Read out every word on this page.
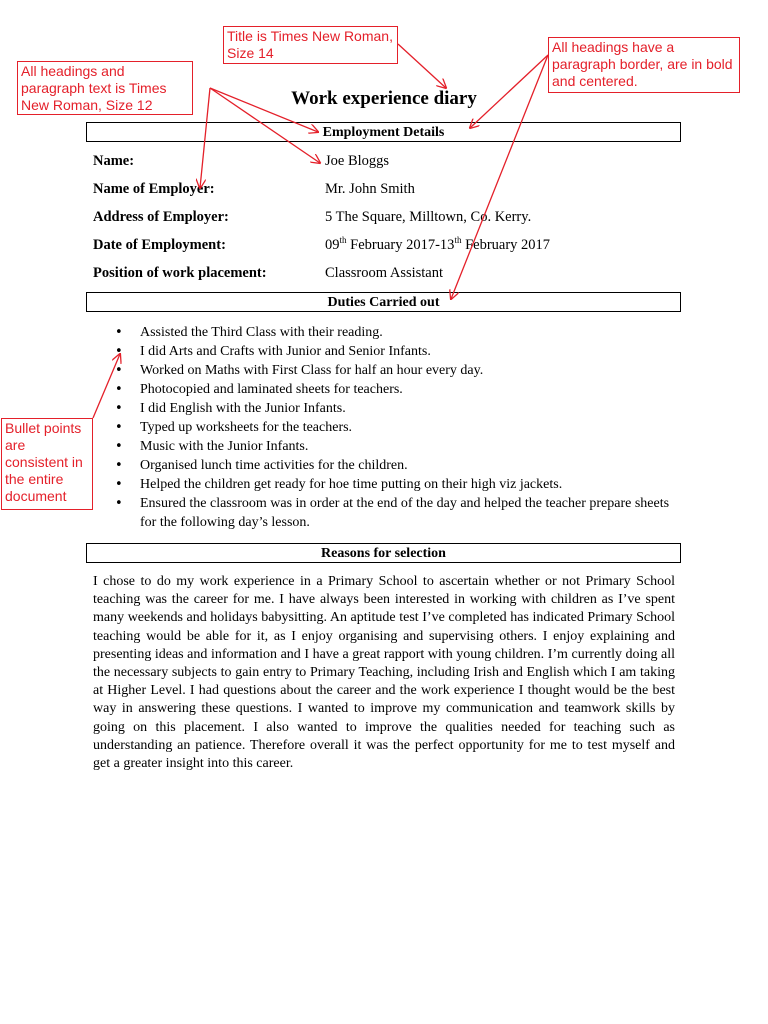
Work experience diary
Employment Details
Name:	Joe Bloggs
Name of Employer:	Mr. John Smith
Address of Employer:	5 The Square, Milltown, Co. Kerry.
Date of Employment:	09th February 2017-13th February 2017
Position of work placement:	Classroom Assistant
Duties Carried out
• Assisted the Third Class with their reading.
• I did Arts and Crafts with Junior and Senior Infants.
• Worked on Maths with First Class for half an hour every day.
• Photocopied and laminated sheets for teachers.
• I did English with the Junior Infants.
• Typed up worksheets for the teachers.
• Music with the Junior Infants.
• Organised lunch time activities for the children.
• Helped the children get ready for hoe time putting on their high viz jackets.
• Ensured the classroom was in order at the end of the day and helped the teacher prepare sheets for the following day’s lesson.
Reasons for selection

I chose to do my work experience in a Primary School to ascertain whether or not Primary School teaching was the career for me. I have always been interested in working with children as I’ve spent many weekends and holidays babysitting. An aptitude test I’ve completed has indicated Primary School teaching would be able for it, as I enjoy organising and supervising others. I enjoy explaining and presenting ideas and information and I have a great rapport with young children. I’m currently doing all the necessary subjects to gain entry to Primary Teaching, including Irish and English which I am taking at Higher Level. I had questions about the career and the work experience I thought would be the best way in answering these questions. I wanted to improve my communication and teamwork skills by going on this placement. I also wanted to improve the qualities needed for teaching such as understanding an patience. Therefore overall it was the perfect opportunity for me to test myself and get a greater insight into this career.

Title is Times New Roman, Size 14
All headings and paragraph text is Times New Roman, Size 12
All headings have a paragraph border, are in bold and centered.
Bullet points are consistent in the entire document
